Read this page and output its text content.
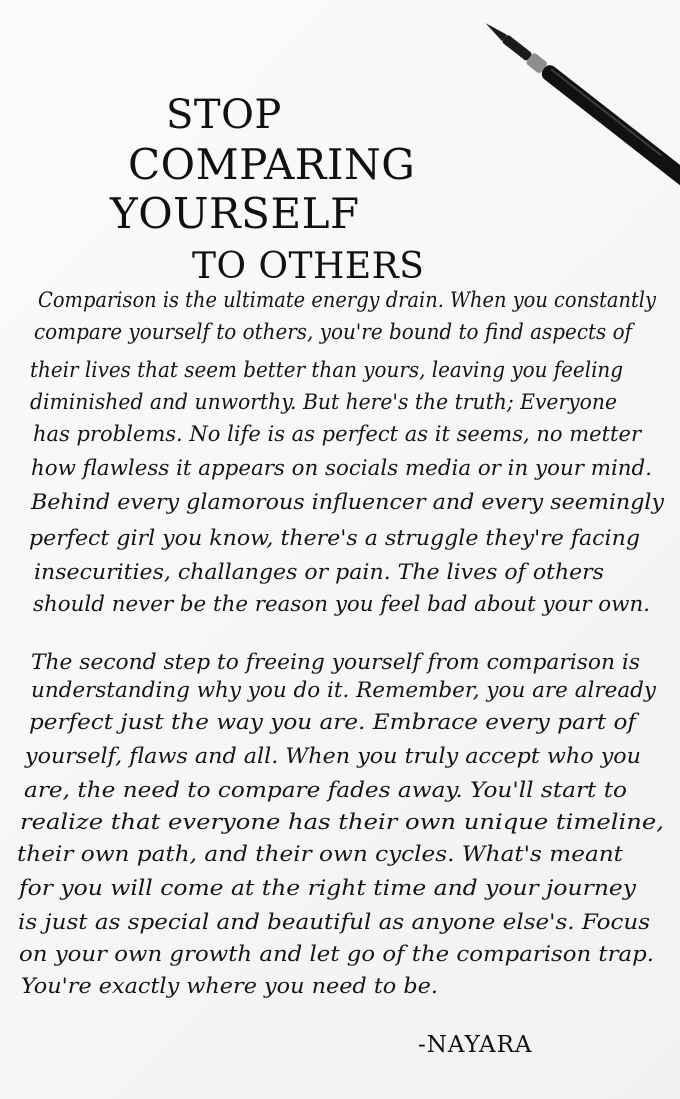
STOP
COMPARING
YOURSELF
TO OTHERS
Comparison is the ultimate energy drain. When you constantly
compare yourself to others, you're bound to find aspects of
their lives that seem better than yours, leaving you feeling
diminished and unworthy. But here's the truth; Everyone
has problems. No life is as perfect as it seems, no metter
how flawless it appears on socials media or in your mind.
Behind every glamorous influencer and every seemingly
perfect girl you know, there's a struggle they're facing
insecurities, challanges or pain. The lives of others
should never be the reason you feel bad about your own.
The second step to freeing yourself from comparison is
understanding why you do it. Remember, you are already
perfect just the way you are. Embrace every part of
yourself, flaws and all. When you truly accept who you
are, the need to compare fades away. You'll start to
realize that everyone has their own unique timeline,
their own path, and their own cycles. What's meant
for you will come at the right time and your journey
is just as special and beautiful as anyone else's. Focus
on your own growth and let go of the comparison trap.
You're exactly where you need to be.
-NAYARA
